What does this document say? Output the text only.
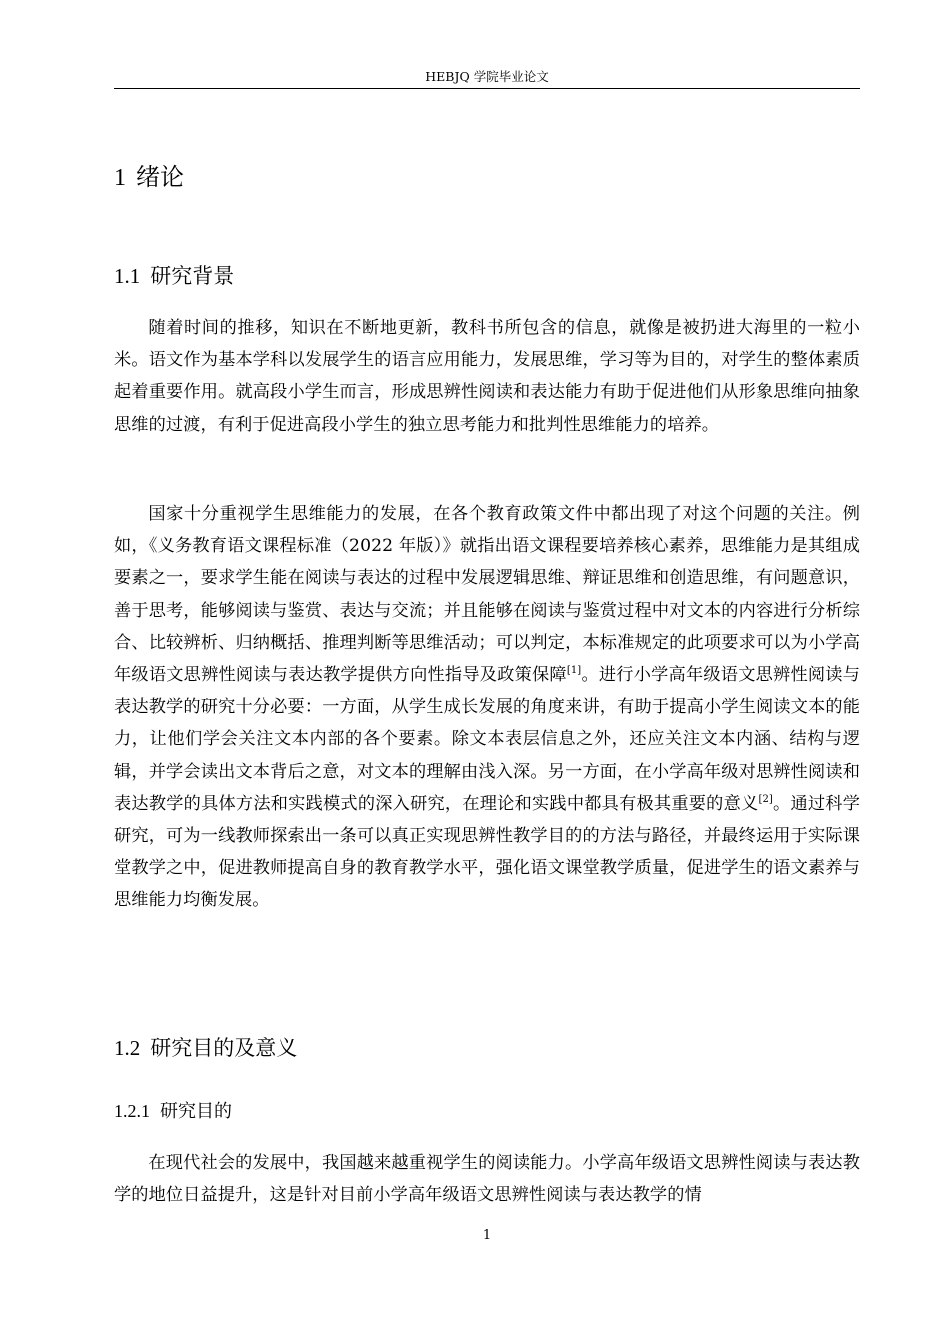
HEBJQ 学院毕业论文
1 绪论
1.1 研究背景

随着时间的推移，知识在不断地更新，教科书所包含的信息，就像是被扔进大海里的一粒小米。语文作为基本学科以发展学生的语言应用能力，发展思维，学习等为目的，对学生的整体素质起着重要作用。就高段小学生而言，形成思辨性阅读和表达能力有助于促进他们从形象思维向抽象思维的过渡，有利于促进高段小学生的独立思考能力和批判性思维能力的培养。

国家十分重视学生思维能力的发展，在各个教育政策文件中都出现了对这个问题的关注。例如，《义务教育语文课程标准（2022 年版）》就指出语文课程要培养核心素养，思维能力是其组成要素之一，要求学生能在阅读与表达的过程中发展逻辑思维、辩证思维和创造思维，有问题意识，善于思考，能够阅读与鉴赏、表达与交流；并且能够在阅读与鉴赏过程中对文本的内容进行分析综合、比较辨析、归纳概括、推理判断等思维活动；可以判定，本标准规定的此项要求可以为小学高年级语文思辨性阅读与表达教学提供方向性指导及政策保障[1]。进行小学高年级语文思辨性阅读与表达教学的研究十分必要：一方面，从学生成长发展的角度来讲，有助于提高小学生阅读文本的能力，让他们学会关注文本内部的各个要素。除文本表层信息之外，还应关注文本内涵、结构与逻辑，并学会读出文本背后之意，对文本的理解由浅入深。另一方面，在小学高年级对思辨性阅读和表达教学的具体方法和实践模式的深入研究，在理论和实践中都具有极其重要的意义[2]。通过科学研究，可为一线教师探索出一条可以真正实现思辨性教学目的的方法与路径，并最终运用于实际课堂教学之中，促进教师提高自身的教育教学水平，强化语文课堂教学质量，促进学生的语文素养与思维能力均衡发展。

1.2 研究目的及意义
1.2.1 研究目的

在现代社会的发展中，我国越来越重视学生的阅读能力。小学高年级语文思辨性阅读与表达教学的地位日益提升，这是针对目前小学高年级语文思辨性阅读与表达教学的情

1
